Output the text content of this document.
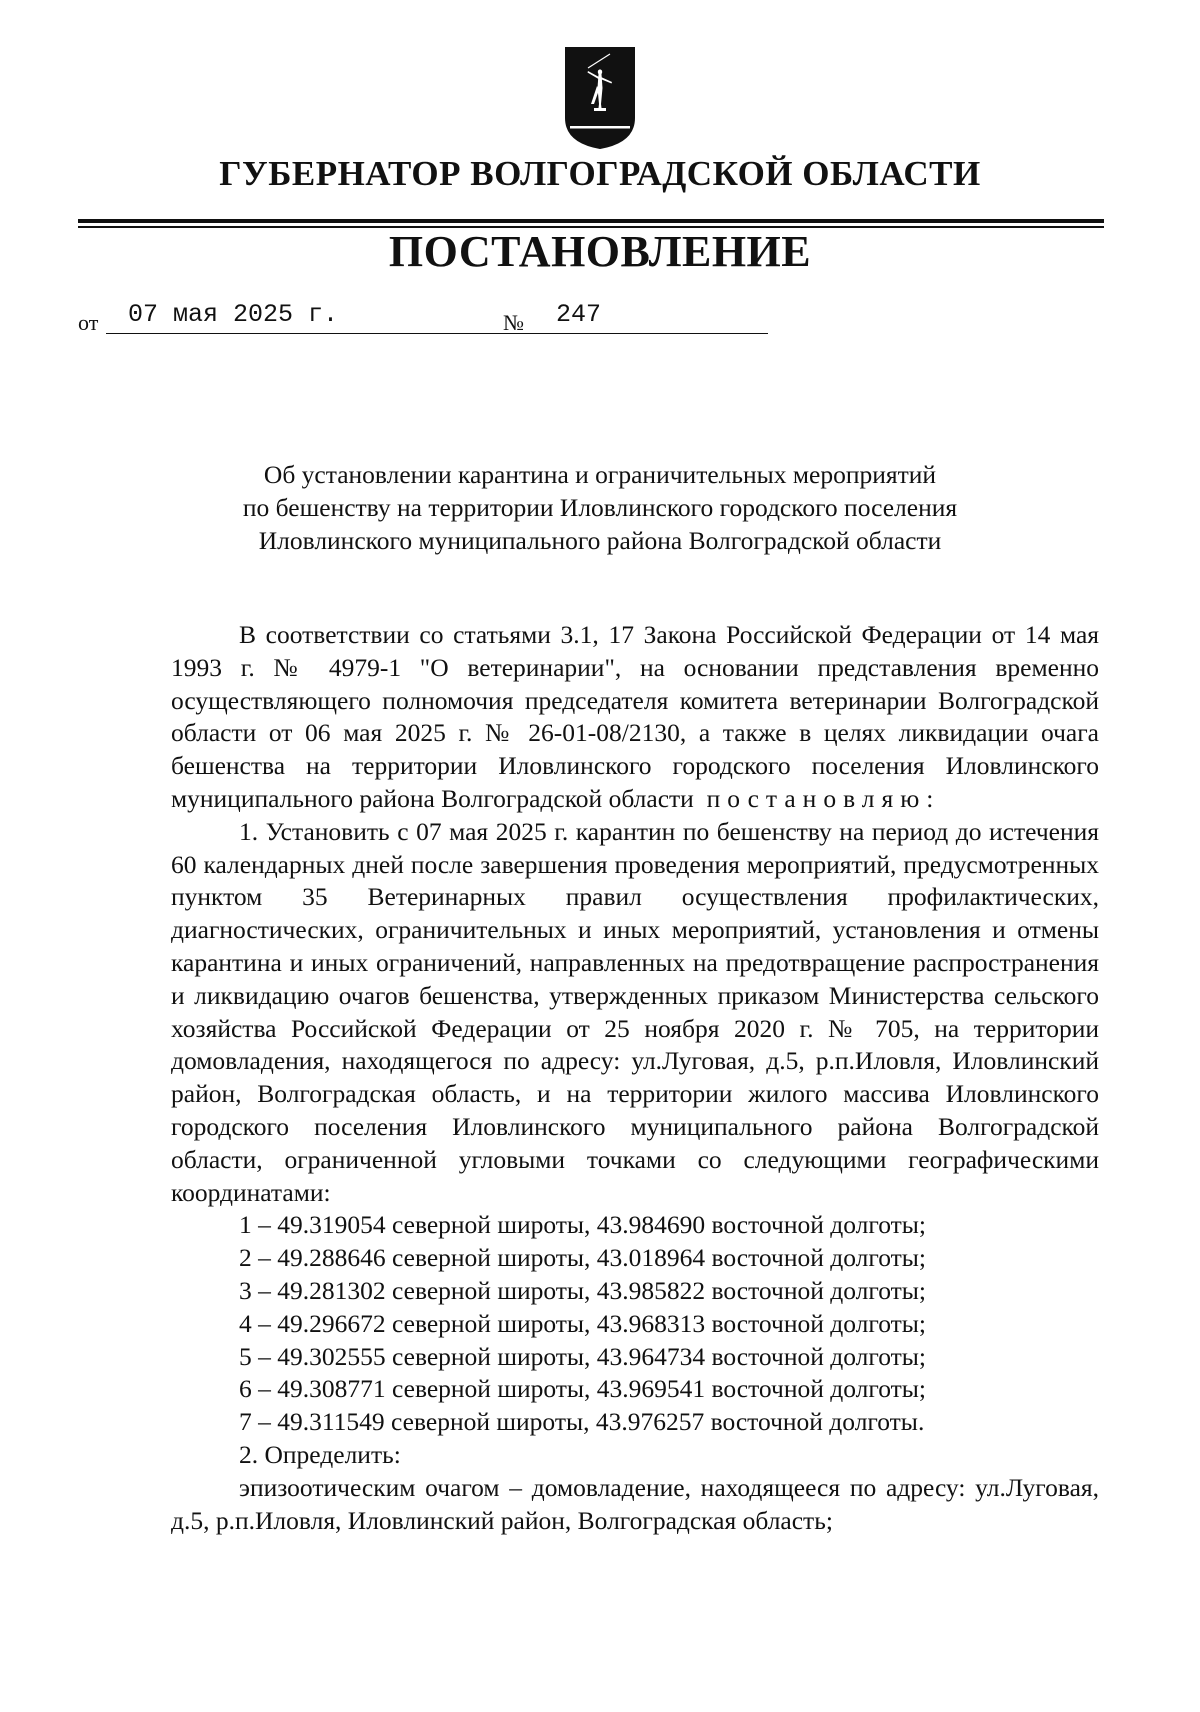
ГУБЕРНАТОР ВОЛГОГРАДСКОЙ ОБЛАСТИ
ПОСТАНОВЛЕНИЕ
от 07 мая 2025 г.	№ 247
Об установлении карантина и ограничительных мероприятий
по бешенству на территории Иловлинского городского поселения
Иловлинского муниципального района Волгоградской области

В соответствии со статьями 3.1, 17 Закона Российской Федерации от 14 мая 1993 г. № 4979-1 "О ветеринарии", на основании представления временно осуществляющего полномочия председателя комитета ветеринарии Волгоградской области от 06 мая 2025 г. № 26-01-08/2130, а также в целях ликвидации очага бешенства на территории Иловлинского городского поселения Иловлинского муниципального района Волгоградской области постановляю:

1. Установить с 07 мая 2025 г. карантин по бешенству на период до истечения 60 календарных дней после завершения проведения мероприятий, предусмотренных пунктом 35 Ветеринарных правил осуществления профилактических, диагностических, ограничительных и иных мероприятий, установления и отмены карантина и иных ограничений, направленных на предотвращение распространения и ликвидацию очагов бешенства, утвержденных приказом Министерства сельского хозяйства Российской Федерации от 25 ноября 2020 г. № 705, на территории домовладения, находящегося по адресу: ул.Луговая, д.5, р.п.Иловля, Иловлинский район, Волгоградская область, и на территории жилого массива Иловлинского городского поселения Иловлинского муниципального района Волгоградской области, ограниченной угловыми точками со следующими географическими координатами:

1 – 49.319054 северной широты, 43.984690 восточной долготы;

2 – 49.288646 северной широты, 43.018964 восточной долготы;

3 – 49.281302 северной широты, 43.985822 восточной долготы;

4 – 49.296672 северной широты, 43.968313 восточной долготы;

5 – 49.302555 северной широты, 43.964734 восточной долготы;

6 – 49.308771 северной широты, 43.969541 восточной долготы;

7 – 49.311549 северной широты, 43.976257 восточной долготы.

2. Определить:

эпизоотическим очагом – домовладение, находящееся по адресу: ул.Луговая, д.5, р.п.Иловля, Иловлинский район, Волгоградская область;
